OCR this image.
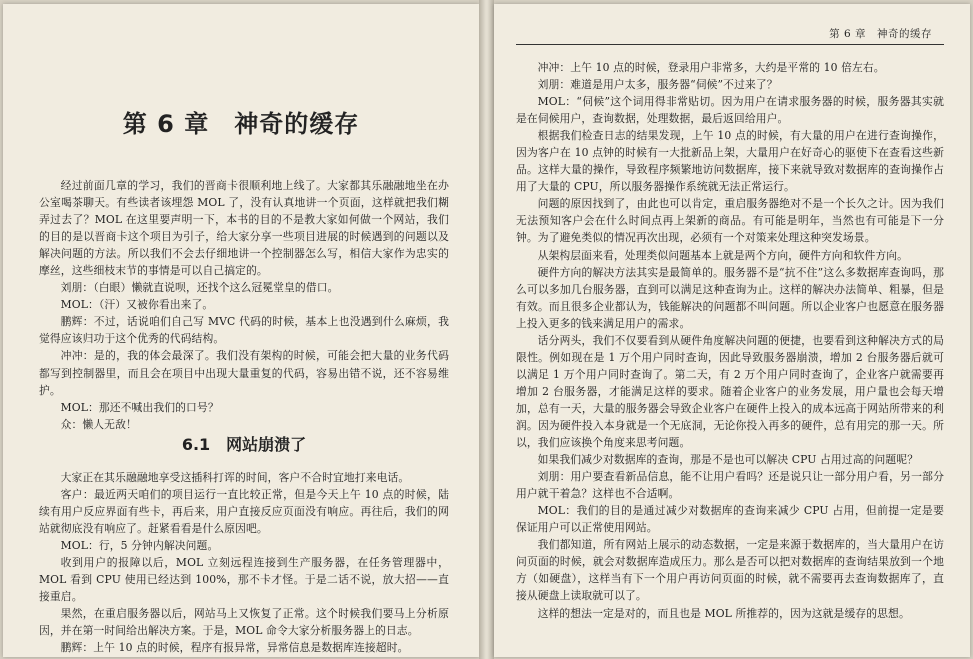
第 6 章　神奇的缓存

经过前面几章的学习，我们的晋商卡很顺利地上线了。大家都其乐融融地坐在办公室喝茶聊天。有些读者该埋怨 MOL 了，没有认真地讲一个页面，这样就把我们糊弄过去了？MOL 在这里要声明一下，本书的目的不是教大家如何做一个网站，我们的目的是以晋商卡这个项目为引子，给大家分享一些项目进展的时候遇到的问题以及解决问题的方法。所以我们不会去仔细地讲一个控制器怎么写，相信大家作为忠实的摩丝，这些细枝末节的事情是可以自己搞定的。

刘朋：（白眼）懒就直说呗，还找个这么冠冕堂皇的借口。

MOL：（汗）又被你看出来了。

鹏辉：不过，话说咱们自己写 MVC 代码的时候，基本上也没遇到什么麻烦，我觉得应该归功于这个优秀的代码结构。

冲冲：是的，我的体会最深了。我们没有架构的时候，可能会把大量的业务代码都写到控制器里，而且会在项目中出现大量重复的代码，容易出错不说，还不容易维护。

MOL：那还不喊出我们的口号？

众：懒人无敌！

6.1　网站崩溃了

大家正在其乐融融地享受这插科打诨的时间，客户不合时宜地打来电话。

客户：最近两天咱们的项目运行一直比较正常，但是今天上午 10 点的时候，陆续有用户反应界面有些卡，再后来，用户直接反应页面没有响应。再往后，我们的网站就彻底没有响应了。赶紧看看是什么原因吧。

MOL：行，5 分钟内解决问题。

收到用户的报障以后，MOL 立刻远程连接到生产服务器，在任务管理器中，MOL 看到 CPU 使用已经达到 100%，那不卡才怪。于是二话不说，放大招——直接重启。

果然，在重启服务器以后，网站马上又恢复了正常。这个时候我们要马上分析原因，并在第一时间给出解决方案。于是，MOL 命令大家分析服务器上的日志。

鹏辉：上午 10 点的时候，程序有报异常，异常信息是数据库连接超时。

第 6 章　神奇的缓存

冲冲：上午 10 点的时候，登录用户非常多，大约是平常的 10 倍左右。

刘朋：难道是用户太多，服务器“伺候”不过来了？

MOL：“伺候”这个词用得非常贴切。因为用户在请求服务器的时候，服务器其实就是在伺候用户，查询数据，处理数据，最后返回给用户。

根据我们检查日志的结果发现，上午 10 点的时候，有大量的用户在进行查询操作，因为客户在 10 点钟的时候有一大批新品上架，大量用户在好奇心的驱使下在查看这些新品。这样大量的操作，导致程序频繁地访问数据库，接下来就导致对数据库的查询操作占用了大量的 CPU，所以服务器操作系统就无法正常运行。

问题的原因找到了，由此也可以肯定，重启服务器绝对不是一个长久之计。因为我们无法预知客户会在什么时间点再上架新的商品。有可能是明年，当然也有可能是下一分钟。为了避免类似的情况再次出现，必须有一个对策来处理这种突发场景。

从架构层面来看，处理类似问题基本上就是两个方向，硬件方向和软件方向。

硬件方向的解决方法其实是最简单的。服务器不是“抗不住”这么多数据库查询吗，那么可以多加几台服务器，直到可以满足这种查询为止。这样的解决办法简单、粗暴，但是有效。而且很多企业都认为，钱能解决的问题都不叫问题。所以企业客户也愿意在服务器上投入更多的钱来满足用户的需求。

话分两头，我们不仅要看到从硬件角度解决问题的便捷，也要看到这种解决方式的局限性。例如现在是 1 万个用户同时查询，因此导致服务器崩溃，增加 2 台服务器后就可以满足 1 万个用户同时查询了。第二天，有 2 万个用户同时查询了，企业客户就需要再增加 2 台服务器，才能满足这样的要求。随着企业客户的业务发展，用户量也会每天增加，总有一天，大量的服务器会导致企业客户在硬件上投入的成本远高于网站所带来的利润。因为硬件投入本身就是一个无底洞，无论你投入再多的硬件，总有用完的那一天。所以，我们应该换个角度来思考问题。

如果我们减少对数据库的查询，那是不是也可以解决 CPU 占用过高的问题呢？

刘朋：用户要查看新品信息，能不让用户看吗？还是说只让一部分用户看，另一部分用户就干着急？这样也不合适啊。

MOL：我们的目的是通过减少对数据库的查询来减少 CPU 占用，但前提一定是要保证用户可以正常使用网站。

我们都知道，所有网站上展示的动态数据，一定是来源于数据库的，当大量用户在访问页面的时候，就会对数据库造成压力。那么是否可以把对数据库的查询结果放到一个地方（如硬盘），这样当有下一个用户再访问页面的时候，就不需要再去查询数据库了，直接从硬盘上读取就可以了。

这样的想法一定是对的，而且也是 MOL 所推荐的，因为这就是缓存的思想。
